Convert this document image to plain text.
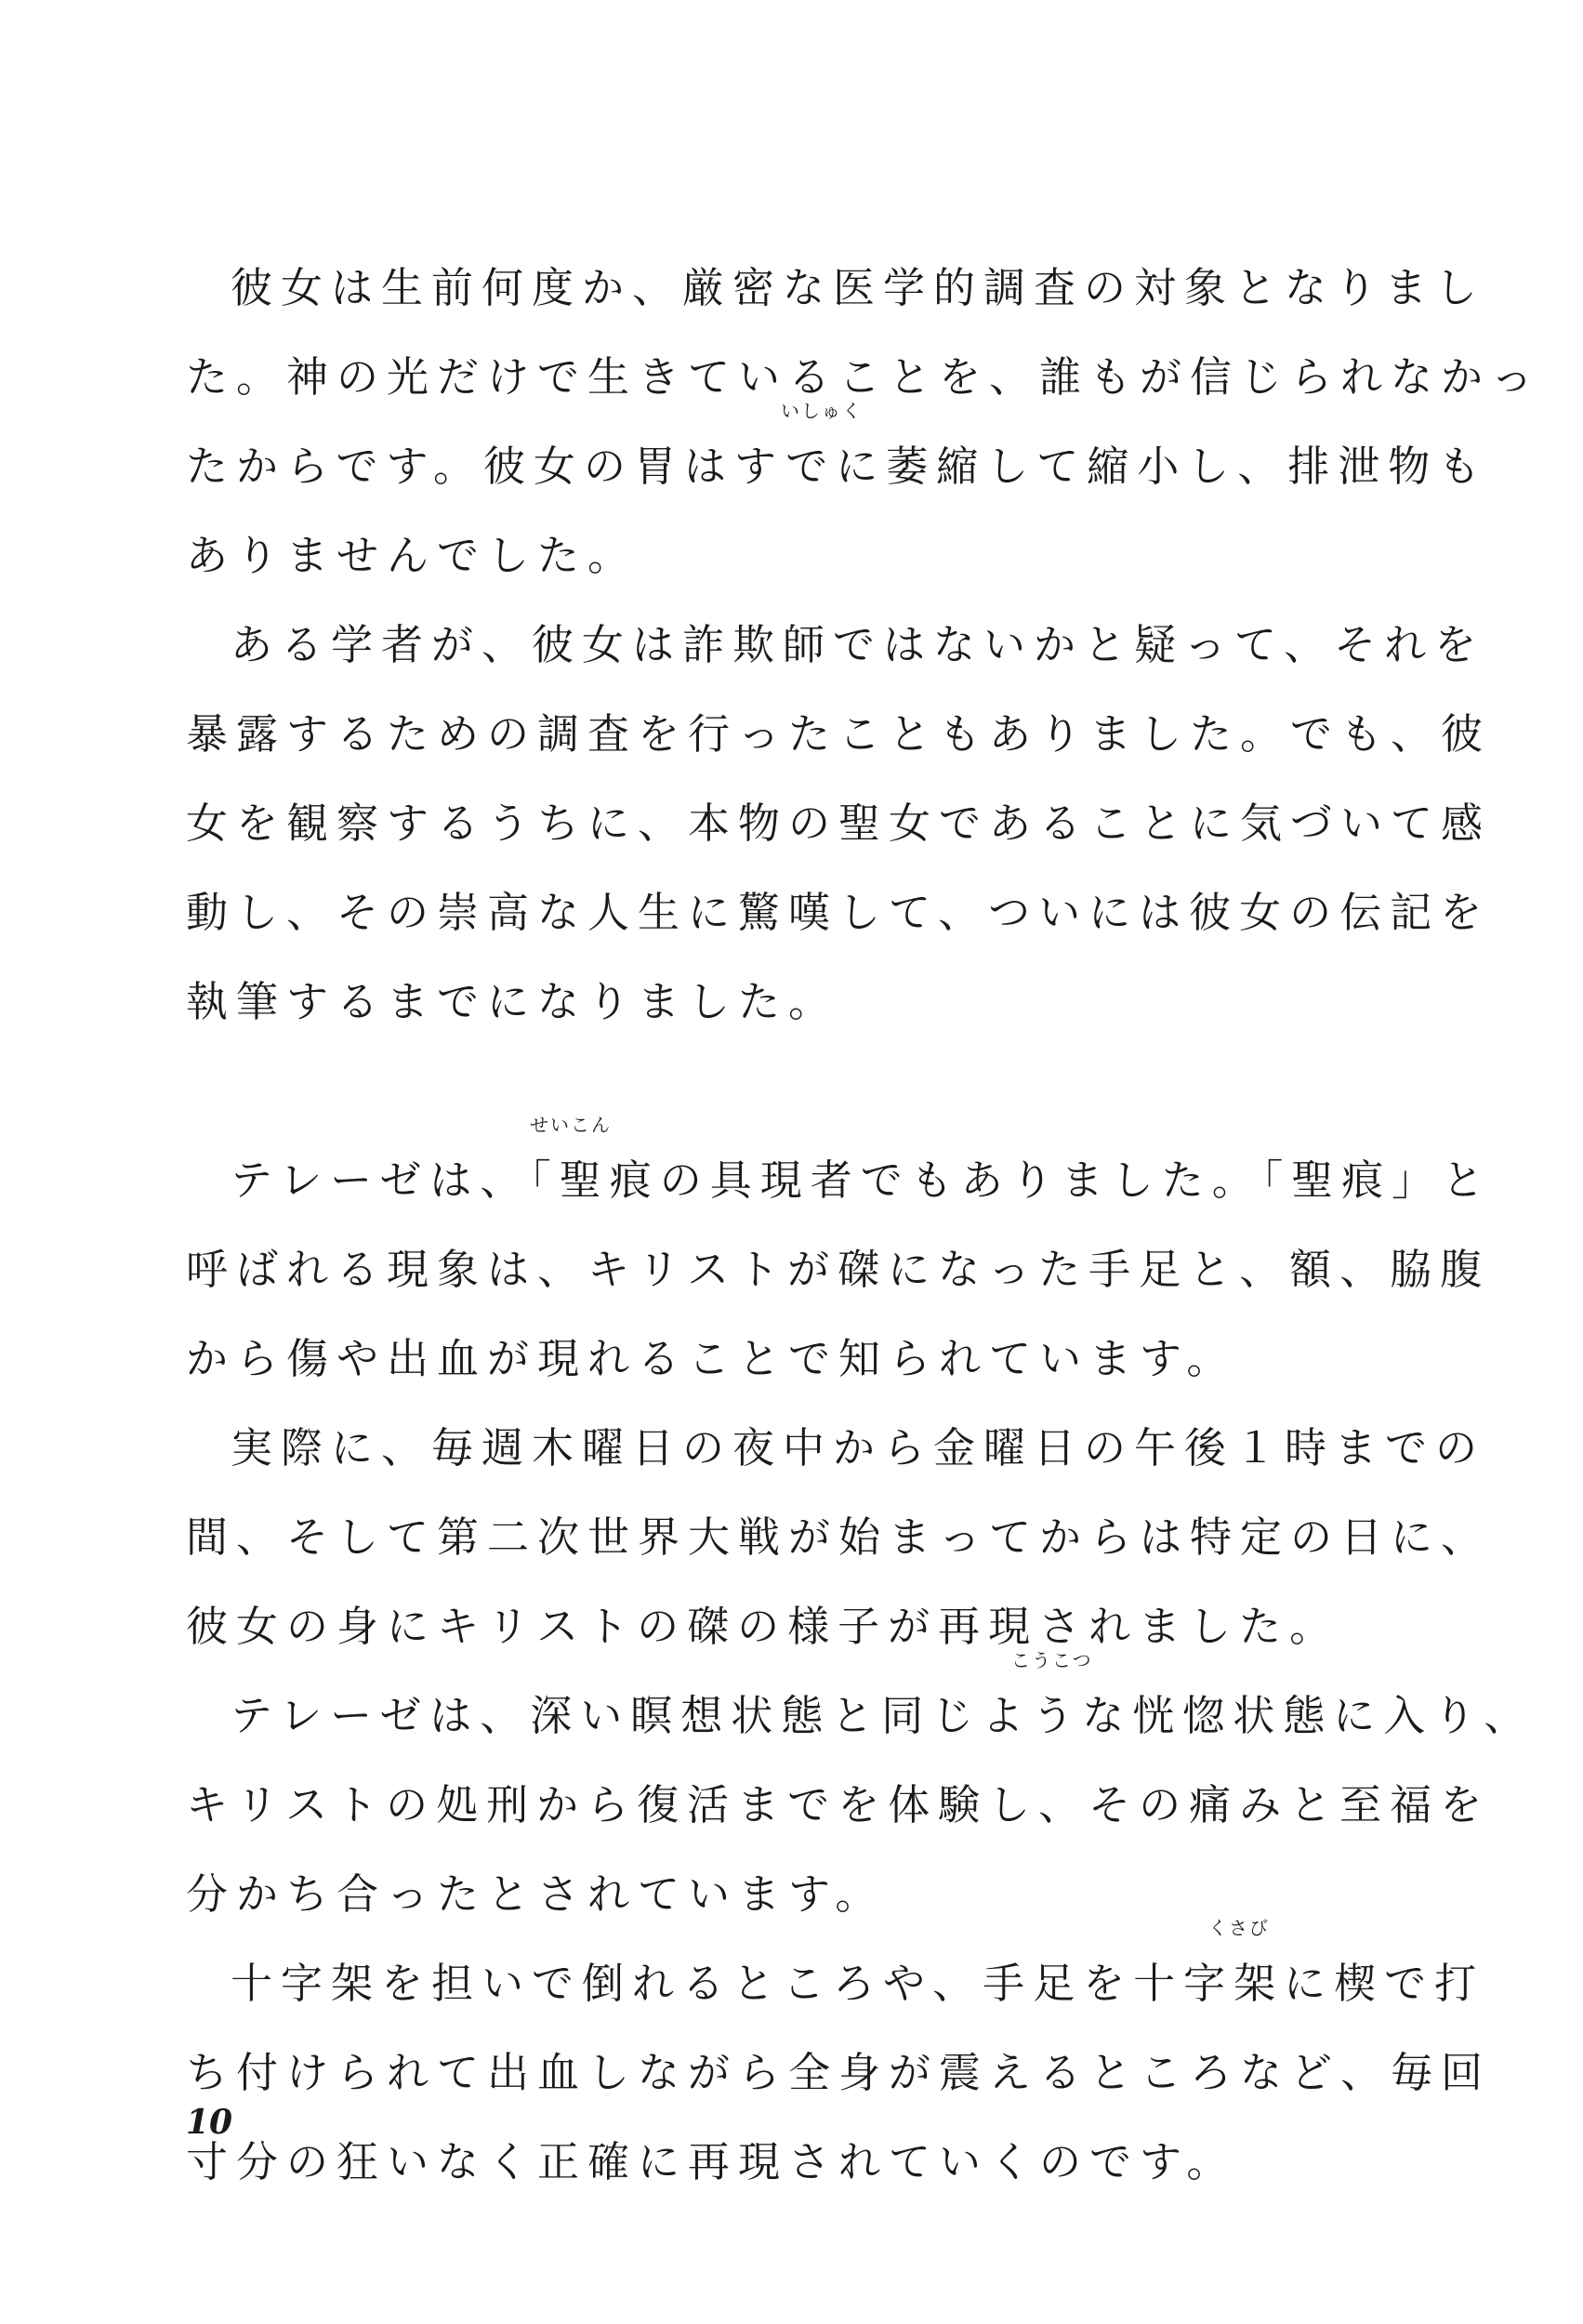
彼女は生前何度か、厳密な医学的調査の対象となりまし
た。神の光だけで生きていることを、誰もが信じられなかっ
いしゅく
たからです。彼女の胃はすでに萎縮して縮小し、排泄物も
ありませんでした。
ある学者が、彼女は詐欺師ではないかと疑って、それを
暴露するための調査を行ったこともありました。でも、彼
女を観察するうちに、本物の聖女であることに気づいて感
動し、その崇高な人生に驚嘆して、ついには彼女の伝記を
執筆するまでになりました。
せいこん
テレーゼは、「聖痕の具現者でもありました。「聖痕」と
呼ばれる現象は、キリストが磔になった手足と、額、脇腹
から傷や出血が現れることで知られています。
実際に、毎週木曜日の夜中から金曜日の午後１時までの
間、そして第二次世界大戦が始まってからは特定の日に、
彼女の身にキリストの磔の様子が再現されました。
こうこつ
テレーゼは、深い瞑想状態と同じような恍惚状態に入り、
キリストの処刑から復活までを体験し、その痛みと至福を
分かち合ったとされています。
くさび
十字架を担いで倒れるところや、手足を十字架に楔で打
ち付けられて出血しながら全身が震えるところなど、毎回
寸分の狂いなく正確に再現されていくのです。
10
